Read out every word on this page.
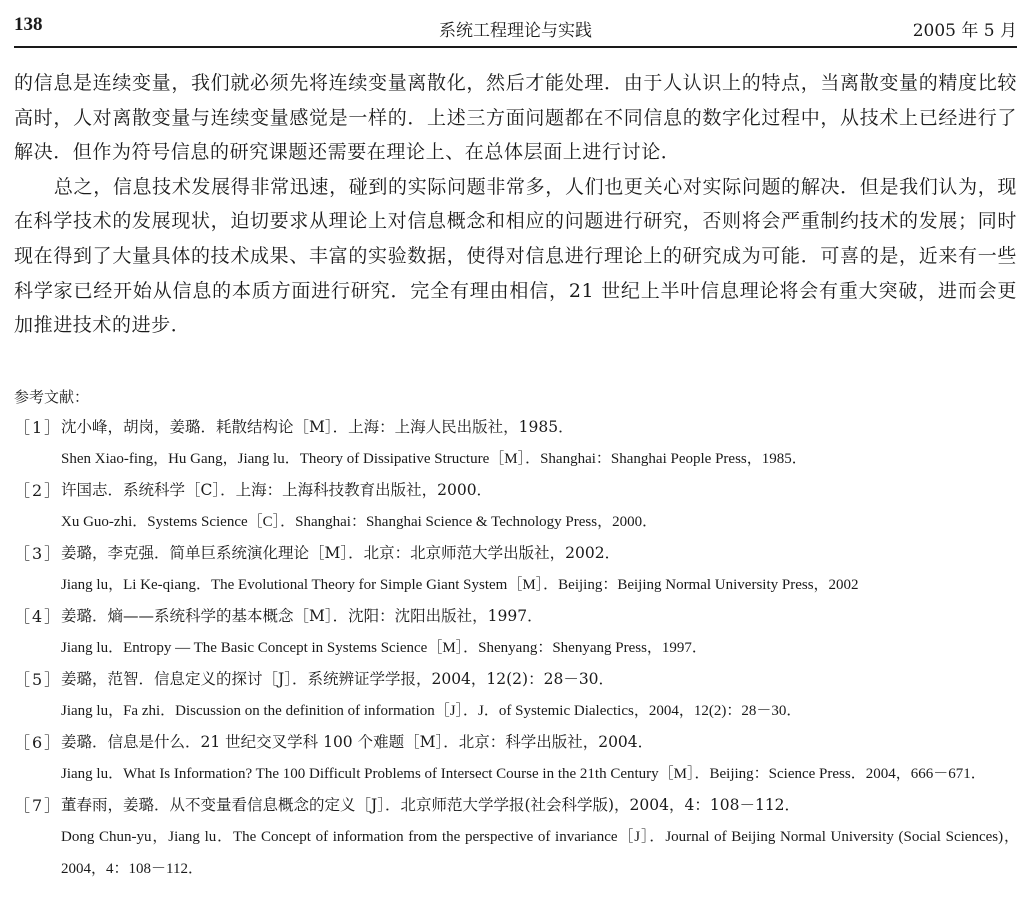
138	系统工程理论与实践	2005 年 5 月

的信息是连续变量，我们就必须先将连续变量离散化，然后才能处理．由于人认识上的特点，当离散变量的精度比较高时，人对离散变量与连续变量感觉是一样的．上述三方面问题都在不同信息的数字化过程中，从技术上已经进行了解决．但作为符号信息的研究课题还需要在理论上、在总体层面上进行讨论．

总之，信息技术发展得非常迅速，碰到的实际问题非常多，人们也更关心对实际问题的解决．但是我们认为，现在科学技术的发展现状，迫切要求从理论上对信息概念和相应的问题进行研究，否则将会严重制约技术的发展；同时现在得到了大量具体的技术成果、丰富的实验数据，使得对信息进行理论上的研究成为可能．可喜的是，近来有一些科学家已经开始从信息的本质方面进行研究．完全有理由相信，21 世纪上半叶信息理论将会有重大突破，进而会更加推进技术的进步．

参考文献：
［1］
沈小峰，胡岗，姜璐．耗散结构论［M］．上海：上海人民出版社，1985．
Shen Xiao-fing，Hu Gang，Jiang lu．Theory of Dissipative Structure［M］．Shanghai：Shanghai People Press，1985．
［2］
许国志．系统科学［C］．上海：上海科技教育出版社，2000．
Xu Guo-zhi．Systems Science［C］．Shanghai：Shanghai Science & Technology Press，2000．
［3］
姜璐，李克强．简单巨系统演化理论［M］．北京：北京师范大学出版社，2002．
Jiang lu，Li Ke-qiang．The Evolutional Theory for Simple Giant System［M］．Beijing：Beijing Normal University Press，2002
［4］
姜璐．熵——系统科学的基本概念［M］．沈阳：沈阳出版社，1997．
Jiang lu．Entropy — The Basic Concept in Systems Science［M］．Shenyang：Shenyang Press，1997．
［5］
姜璐，范智．信息定义的探讨［J］．系统辨证学学报，2004，12(2)：28－30．
Jiang lu，Fa zhi．Discussion on the definition of information［J］．J．of Systemic Dialectics，2004，12(2)：28－30．
［6］
姜璐．信息是什么．21 世纪交叉学科 100 个难题［M］．北京：科学出版社，2004．
Jiang lu．What Is Information? The 100 Difficult Problems of Intersect Course in the 21th Century［M］．Beijing：Science Press．2004，666－671．
［7］
董春雨，姜璐．从不变量看信息概念的定义［J］．北京师范大学学报(社会科学版)，2004，4：108－112．
Dong Chun-yu，Jiang lu．The Concept of information from the perspective of invariance［J］．Journal of Beijing Normal University (Social Sciences)，2004，4：108－112．
